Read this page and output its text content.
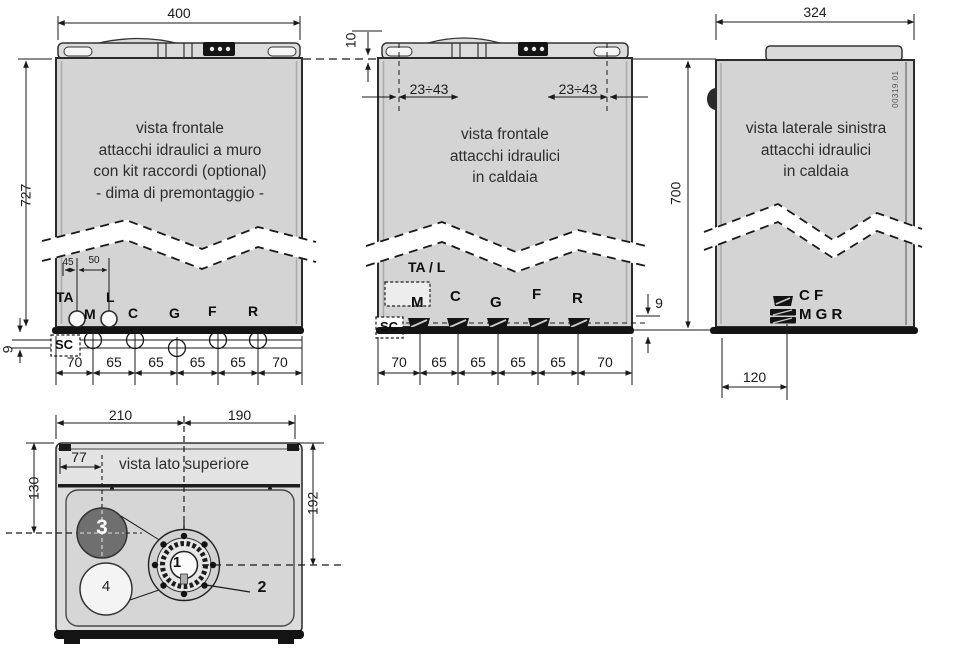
400
727
9
45	50
vista frontale
attacchi idraulici a muro
con kit raccordi (optional)
- dima di premontaggio -
TA
M
L
C G F R
SC
70	65	65	65	65	70
10
23÷43	23÷43
vista frontale
attacchi idraulici
in caldaia
TA / L
M C G F R
SC
70	65	65	65	65	70
9
700
324
vista laterale sinistra
attacchi idraulici
in caldaia
00319.01
C F
M G R
120
210	190
130
77	vista lato superiore
192
1
2
3
4
